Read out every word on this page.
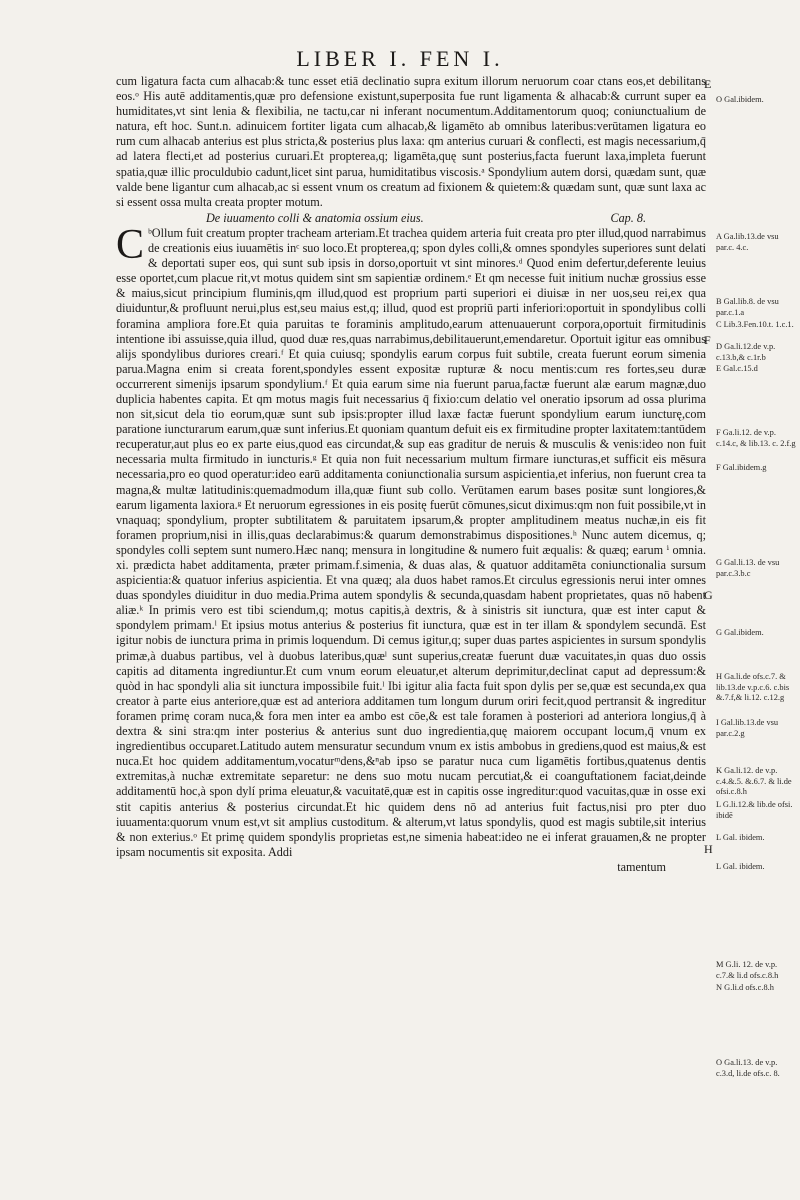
LIBER I. FEN I.

cum ligatura facta cum alhacab:& tunc esset etiā declinatio supra exitum illorum neruorum coar ctans eos,et debilitans eos.ᵒ His autē additamentis,quæ pro defensione existunt,superposita fue runt ligamenta & alhacab:& currunt super ea humiditates,vt sint lenia & flexibilia, ne tactu,car ni inferant nocumentum.Additamentorum quoq; coniunctualium de natura, eft hoc. Sunt.n. adinuicem fortiter ligata cum alhacab,& ligamēto ab omnibus lateribus:verūtamen ligatura eo rum cum alhacab anterius est plus stricta,& posterius plus laxa: qm anterius curuari & conflecti, est magis necessarium,q̄ ad latera flecti,et ad posterius curuari.Et propterea,q; ligamēta,quę sunt posterius,facta fuerunt laxa,impleta fuerunt spatia,quæ illic proculdubio cadunt,licet sint parua, humiditatibus viscosis.ᵃ Spondylium autem dorsi, quædam sunt, quæ valde bene ligantur cum alhacab,ac si essent vnum os creatum ad fixionem & quietem:& quædam sunt, quæ sunt laxa ac si essent ossa multa creata propter motum.

De iuuamento colli & anatomia ossium eius.	Cap. 8.

C ᵇOllum fuit creatum propter tracheam arteriam.Et trachea quidem arteria fuit creata pro pter illud,quod narrabimus de creationis eius iuuamētis inᶜ suo loco.Et propterea,q; spon dyles colli,& omnes spondyles superiores sunt delati & deportati super eos, qui sunt sub ipsis in dorso,oportuit vt sint minores.ᵈ Quod enim defertur,deferente leuius esse oportet,cum placue rit,vt motus quidem sint sm sapientiæ ordinem.ᵉ Et qm necesse fuit initium nuchæ grossius esse & maius,sicut principium fluminis,qm illud,quod est proprium parti superiori ei diuisæ in ner uos,seu rei,ex qua diuiduntur,& profluunt nerui,plus est,seu maius est,q; illud, quod est propriū parti inferiori:oportuit in spondylibus colli foramina ampliora fore.Et quia paruitas te foraminis amplitudo,earum attenuauerunt corpora,oportuit firmitudinis intentione ibi assuisse,quia illud, quod duæ res,quas narrabimus,debilitauerunt,emendaretur. Oportuit igitur eas omnibus alijs spondylibus duriores creari.ᶠ Et quia cuiusq; spondylis earum corpus fuit subtile, creata fuerunt eorum simenia parua.Magna enim si creata forent,spondyles essent expositæ rupturæ & nocu mentis:cum res fortes,seu duræ occurrerent simenijs ipsarum spondylium.ᶠ Et quia earum sime nia fuerunt parua,factæ fuerunt alæ earum magnæ,duo duplicia habentes capita. Et qm motus magis fuit necessarius q̄ fixio:cum delatio vel oneratio ipsorum ad ossa plurima non sit,sicut dela tio eorum,quæ sunt sub ipsis:propter illud laxæ factæ fuerunt spondylium earum iuncturę,com paratione iuncturarum earum,quæ sunt inferius.Et quoniam quantum defuit eis ex firmitudine propter laxitatem:tantūdem recuperatur,aut plus eo ex parte eius,quod eas circundat,& sup eas graditur de neruis & musculis & venis:ideo non fuit necessaria multa firmitudo in iuncturis.ᵍ Et quia non fuit necessarium multum firmare iuncturas,et sufficit eis mēsura necessaria,pro eo quod operatur:ideo earū additamenta coniunctionalia sursum aspicientia,et inferius, non fuerunt crea ta magna,& multæ latitudinis:quemadmodum illa,quæ fiunt sub collo. Verūtamen earum bases positæ sunt longiores,& earum ligamenta laxiora.ᵍ Et neruorum egressiones in eis positę fuerūt cōmunes,sicut diximus:qm non fuit possibile,vt in vnaquaq; spondylium, propter subtilitatem & paruitatem ipsarum,& propter amplitudinem meatus nuchæ,in eis fit foramen proprium,nisi in illis,quas declarabimus:& quarum demonstrabimus dispositiones.ʰ Nunc autem dicemus, q; spondyles colli septem sunt numero.Hæc nanq; mensura in longitudine & numero fuit æqualis: & quæq; earum ⁱ omnia. xi. prædicta habet additamenta, præter primam.f.simenia, & duas alas, & quatuor additamēta coniunctionalia sursum aspicientia:& quatuor inferius aspicientia. Et vna quæq; ala duos habet ramos.Et circulus egressionis nerui inter omnes duas spondyles diuiditur in duo media.Prima autem spondylis & secunda,quasdam habent proprietates, quas nō habent aliæ.ᵏ In primis vero est tibi sciendum,q; motus capitis,à dextris, & à sinistris sit iunctura, quæ est inter caput & spondylem primam.ˡ Et ipsius motus anterius & posterius fit iunctura, quæ est in ter illam & spondylem secundā. Est igitur nobis de iunctura prima in primis loquendum. Di cemus igitur,q; super duas partes aspicientes in sursum spondylis primæ,à duabus partibus, vel à duobus lateribus,quæˡ sunt superius,creatæ fuerunt duæ vacuitates,in quas duo ossis capitis ad ditamenta ingrediuntur.Et cum vnum eorum eleuatur,et alterum deprimitur,declinat caput ad depressum:& quòd in hac spondyli alia sit iunctura impossibile fuit.ˡ Ibi igitur alia facta fuit spon dylis per se,quæ est secunda,ex qua creator à parte eius anteriore,quæ est ad anteriora additamen tum longum durum oriri fecit,quod pertransit & ingreditur foramen primę coram nuca,& fora men inter ea ambo est cōe,& est tale foramen à posteriori ad anteriora longius,q̄ à dextra & sini stra:qm inter posterius & anterius sunt duo ingredientia,quę maiorem occupant locum,q̄ vnum ex ingredientibus occuparet.Latitudo autem mensuratur secundum vnum ex istis ambobus in grediens,quod est maius,& est nuca.Et hoc quidem additamentum,vocaturᵐdens,&ⁿab ipso se paratur nuca cum ligamētis fortibus,quatenus dentis extremitas,à nuchæ extremitate separetur: ne dens suo motu nucam percutiat,& ei coanguftationem faciat,deinde additamentū hoc,à spon dylí prima eleuatur,& vacuitatē,quæ est in capitis osse ingreditur:quod vacuitas,quæ in osse exi stit capitis anterius & posterius circundat.Et hic quidem dens nō ad anterius fuit factus,nisi pro pter duo iuuamenta:quorum vnum est,vt sit amplius custoditum. & alterum,vt latus spondylis, quod est magis subtile,sit interius & non exterius.ᵒ Et primę quidem spondylis proprietas est,ne simenia habeat:ideo ne ei inferat grauamen,& ne propter ipsam nocumentis sit exposita. Addi

tamentum
E
F
G
H
O Gal.ibidem.
A Ga.lib.13.de vsu par.c. 4.c.
B Gal.lib.8. de vsu par.c.1.a
C Lib.3.Fen.10.t. 1.c.1.
D Ga.li.12.de v.p. c.13.b,& c.1r.b
E Gal.c.15.d
F Ga.li.12. de v.p. c.14.c, & lib.13. c. 2.f.g
F Gal.ibidem.g
G Gal.li.13. de vsu par.c.3.b.c
G Gal.ibidem.
H Ga.li.de ofs.c.7. & lib.13.de v.p.c.6. c.bis &.7.f,& li.12. c.12.g
I Gal.lib.13.de vsu par.c.2.g
K Ga.li.12. de v.p. c.4.&.5. &.6.7. & li.de ofsi.c.8.h
L G.li.12.& lib.de ofsi. ibidē
L Gal. ibidem.
L Gal. ibidem.
M G.li. 12. de v.p. c.7.& li.d ofs.c.8.h
N G.li.d ofs.c.8.h
O Ga.li.13. de v.p. c.3.d, li.de ofs.c. 8.
